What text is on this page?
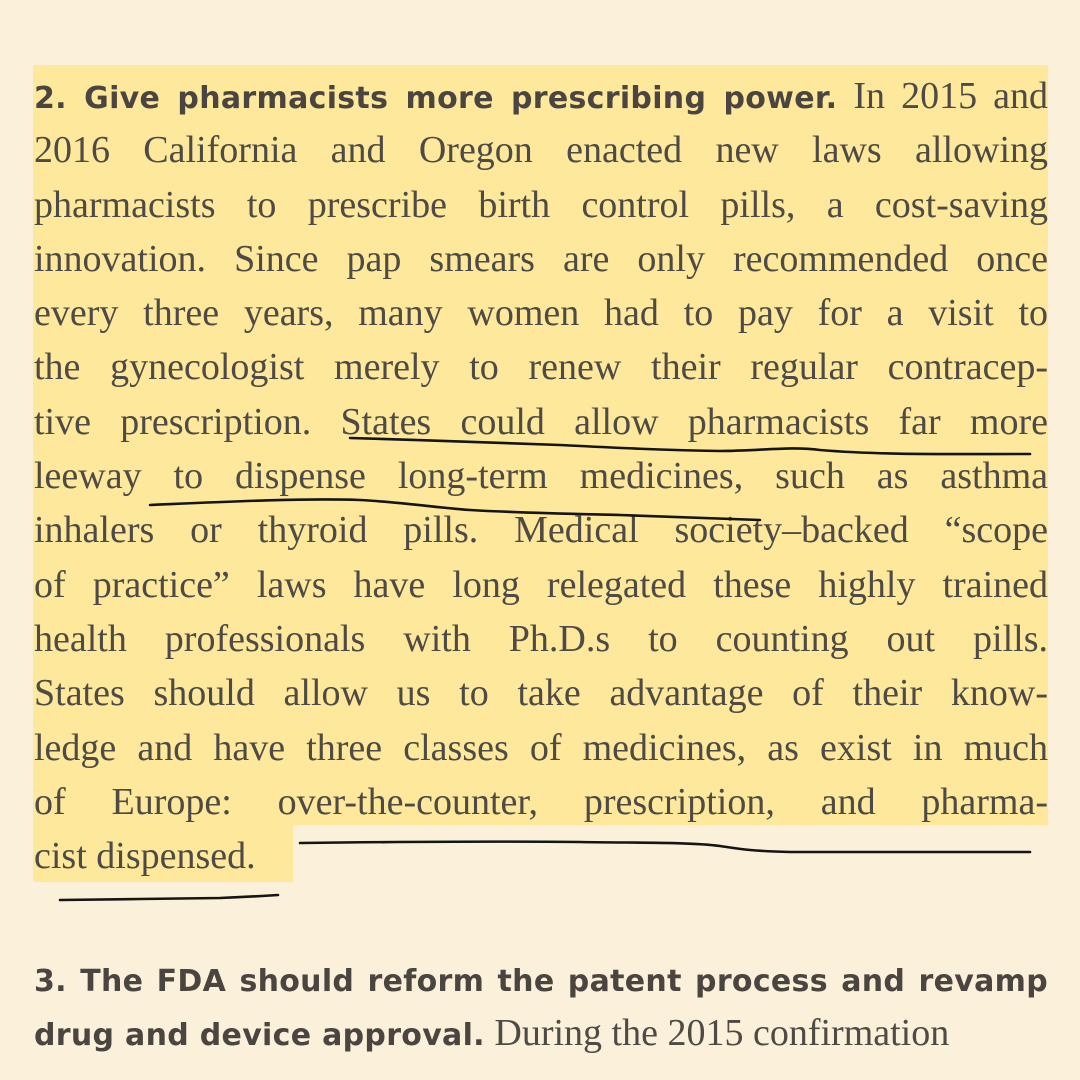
2. Give pharmacists more prescribing power. In 2015 and
2016 California and Oregon enacted new laws allowing
pharmacists to prescribe birth control pills, a cost-saving
innovation. Since pap smears are only recommended once
every three years, many women had to pay for a visit to
the gynecologist merely to renew their regular contracep-
tive prescription. States could allow pharmacists far more
leeway to dispense long-term medicines, such as asthma
inhalers or thyroid pills. Medical society–backed “scope
of practice” laws have long relegated these highly trained
health professionals with Ph.D.s to counting out pills.
States should allow us to take advantage of their know-
ledge and have three classes of medicines, as exist in much
of Europe: over-the-counter, prescription, and pharma-
cist dispensed.
3. The FDA should reform the patent process and revamp
drug and device approval. During the 2015 confirmation
